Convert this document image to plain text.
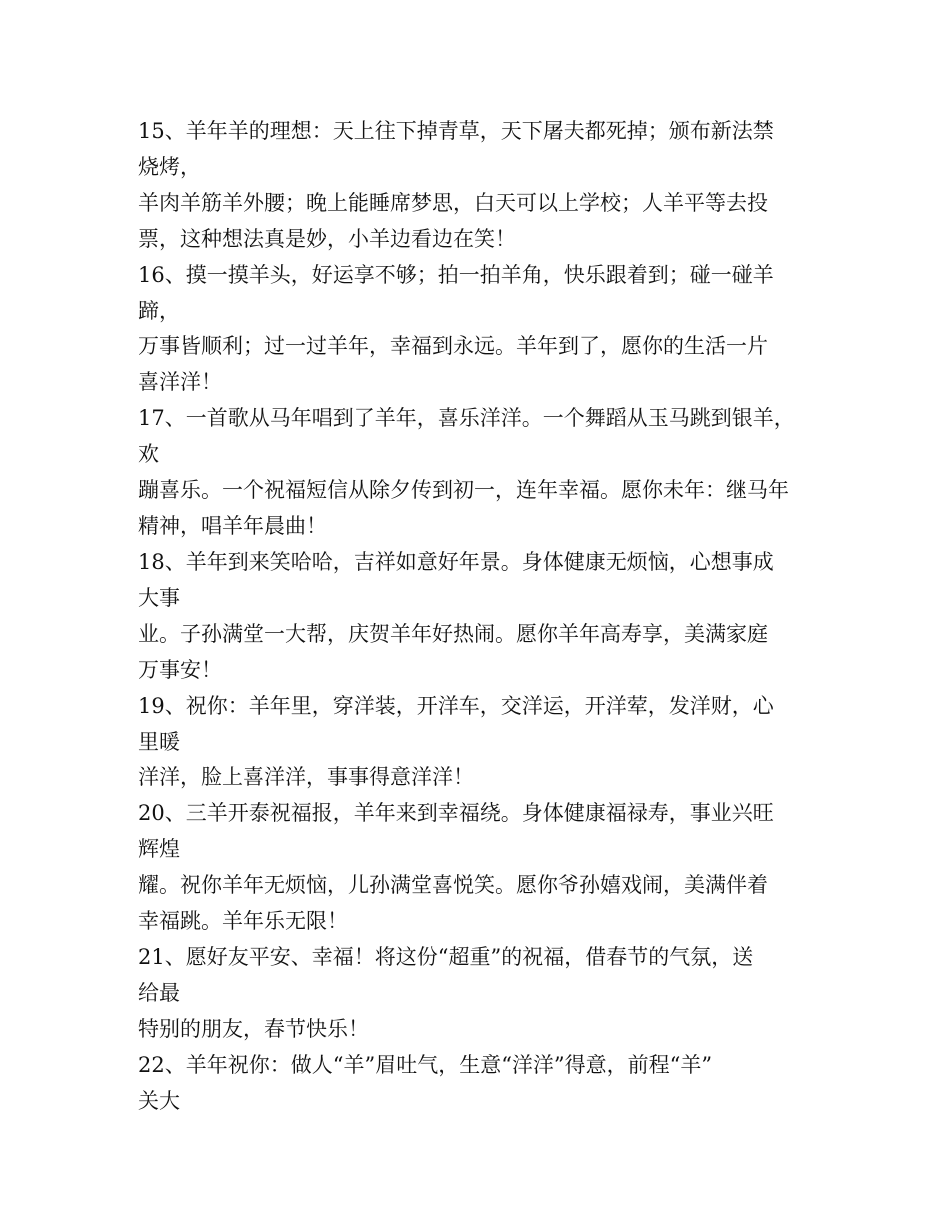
15、羊年羊的理想：天上往下掉青草，天下屠夫都死掉；颁布新法禁
烧烤，
羊肉羊筋羊外腰；晚上能睡席梦思，白天可以上学校；人羊平等去投
票，这种想法真是妙，小羊边看边在笑！
16、摸一摸羊头，好运享不够；拍一拍羊角，快乐跟着到；碰一碰羊
蹄，
万事皆顺利；过一过羊年，幸福到永远。羊年到了，愿你的生活一片
喜洋洋！
17、一首歌从马年唱到了羊年，喜乐洋洋。一个舞蹈从玉马跳到银羊，
欢
蹦喜乐。一个祝福短信从除夕传到初一，连年幸福。愿你未年：继马年
精神，唱羊年晨曲！
18、羊年到来笑哈哈，吉祥如意好年景。身体健康无烦恼，心想事成
大事
业。子孙满堂一大帮，庆贺羊年好热闹。愿你羊年高寿享，美满家庭
万事安！
19、祝你：羊年里，穿洋装，开洋车，交洋运，开洋荤，发洋财，心
里暖
洋洋，脸上喜洋洋，事事得意洋洋！
20、三羊开泰祝福报，羊年来到幸福绕。身体健康福禄寿，事业兴旺
辉煌
耀。祝你羊年无烦恼，儿孙满堂喜悦笑。愿你爷孙嬉戏闹，美满伴着
幸福跳。羊年乐无限！
21、愿好友平安、幸福！将这份“超重”的祝福，借春节的气氛，送
给最
特别的朋友，春节快乐！
22、羊年祝你：做人“羊”眉吐气，生意“洋洋”得意，前程“羊”
关大
